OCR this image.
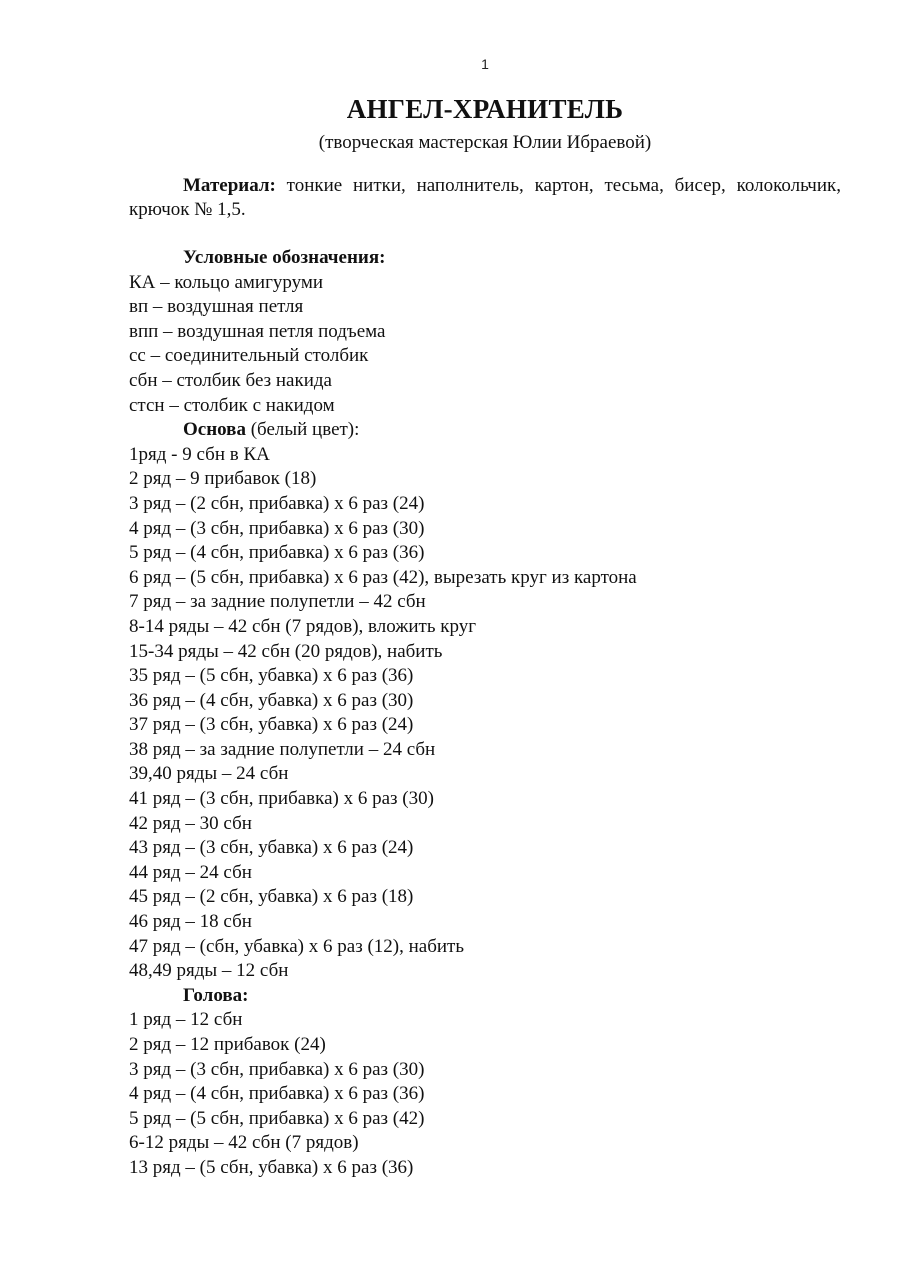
1
АНГЕЛ-ХРАНИТЕЛЬ
(творческая мастерская Юлии Ибраевой)

Материал: тонкие нитки, наполнитель, картон, тесьма, бисер, колокольчик, крючок № 1,5.

Условные обозначения:

КА – кольцо амигуруми

вп – воздушная петля

впп – воздушная петля подъема

сс – соединительный столбик

сбн – столбик без накида

стсн – столбик с накидом

Основа (белый цвет):

1ряд - 9 сбн в КА

2 ряд – 9 прибавок (18)

3 ряд – (2 сбн, прибавка) х 6 раз (24)

4 ряд – (3 сбн, прибавка) х 6 раз (30)

5 ряд – (4 сбн, прибавка) х 6 раз (36)

6 ряд – (5 сбн, прибавка) х 6 раз (42), вырезать круг из картона

7 ряд – за задние полупетли – 42 сбн

8-14 ряды – 42 сбн (7 рядов), вложить круг

15-34 ряды – 42 сбн (20 рядов), набить

35 ряд – (5 сбн, убавка) х 6 раз (36)

36 ряд – (4 сбн, убавка) х 6 раз (30)

37 ряд – (3 сбн, убавка) х 6 раз (24)

38 ряд – за задние полупетли – 24 сбн

39,40 ряды – 24 сбн

41 ряд – (3 сбн, прибавка) х 6 раз (30)

42 ряд – 30 сбн

43 ряд – (3 сбн, убавка) х 6 раз (24)

44 ряд – 24 сбн

45 ряд – (2 сбн, убавка) х 6 раз (18)

46 ряд – 18 сбн

47 ряд – (сбн, убавка) х 6 раз (12), набить

48,49 ряды – 12 сбн

Голова:

1 ряд – 12 сбн

2 ряд – 12 прибавок (24)

3 ряд – (3 сбн, прибавка) х 6 раз (30)

4 ряд – (4 сбн, прибавка) х 6 раз (36)

5 ряд – (5 сбн, прибавка) х 6 раз (42)

6-12 ряды – 42 сбн (7 рядов)

13 ряд – (5 сбн, убавка) х 6 раз (36)
